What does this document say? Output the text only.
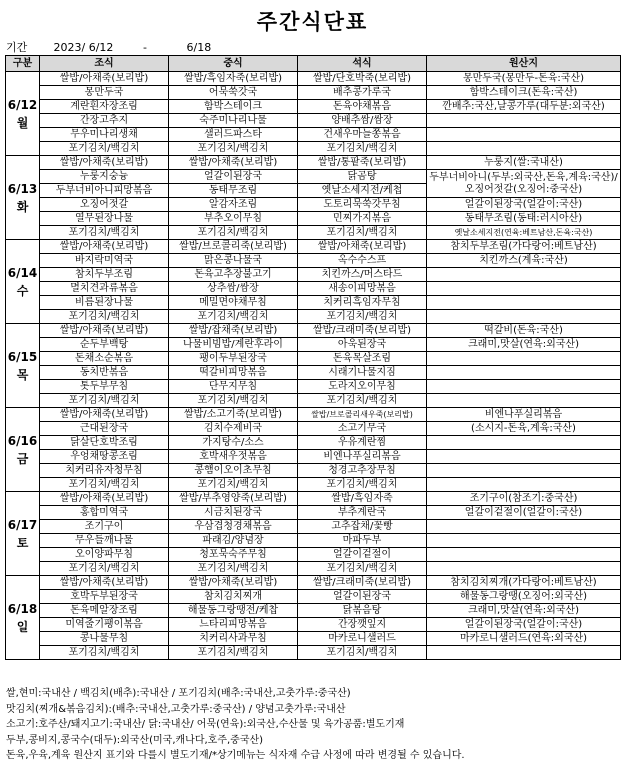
주간식단표
기간 2023/ 6/12	-	6/18
구분	조식	중식	석식	원산지

6/12
월	쌀밥/아채죽(보리밥)	쌀밥/흑임자죽(보리밥)	쌀밥/단호박죽(보리밥)	몽만두국(몽만두-돈육:국산)
	몽만두국	어묵쑥갓국	배추콩가루국	함박스테이크(돈육:국산)
	계란흰자장조림	함박스테이크	돈육야채볶음	깐배추:국산,날콩가루(대두분:외국산)
	간장고추지	숙주미나리나물	양배추쌈/쌈장	
	무우미나리생채	샐러드파스타	건새우마늘쫑볶음	
	포기김치/백김치	포기김치/백김치	포기김치/백김치	

6/13
화	쌀밥/아채죽(보리밥)	쌀밥/아채죽(보리밥)	쌀밥/통팥죽(보리밥)	누룽지(쌀:국내산)
	누룽지숭늉	얼갈이된장국	닭곰탕	두부너비아니(두부:외국산,돈육,계육:국산)/오징어젓갈(오징어:중국산)
	두부너비아니피망볶음	동태무조림	옛날소세지전/케첩	
	오징어젓갈	알감자조림	도토리묵쑥갓무침	얼갈이된장국(얼갈이:국산)
	열무된장나물	부추오이무침	민찌가지볶음	동태무조림(동태:러시아산)
	포기김치/백김치	포기김치/백김치	포기김치/백김치	옛날소세지전(연육:베트남산,돈육:국산)

6/14
수	쌀밥/아채죽(보리밥)	쌀밥/브로콜리죽(보리밥)	쌀밥/아채죽(보리밥)	참치두부조림(가다랑어:베트남산)
	바지락미역국	맑은콩나물국	옥수수스프	치킨까스(계육:국산)
	참치두부조림	돈육고추장불고기	치킨까스/머스타드	
	멸치견과류볶음	상추쌈/쌈장	새송이피망볶음	
	비름된장나물	메밀면야채무침	치커리흑임자무침	
	포기김치/백김치	포기김치/백김치	포기김치/백김치	

6/15
목	쌀밥/아채죽(보리밥)	쌀밥/잡채죽(보리밥)	쌀밥/크래미죽(보리밥)	떡갈비(돈육:국산)
	순두부백탕	나물비빔밥/계란후라이	아욱된장국	크래미,맛살(연육:외국산)
	돈채소순볶음	팽이두부된장국	돈육목살조림	
	동치반볶음	떡갈비피망볶음	시래기나물지짐	
	톳두부무침	단무지무침	도라지오이무침	
	포기김치/백김치	포기김치/백김치	포기김치/백김치	

6/16
금	쌀밥/아채죽(보리밥)	쌀밥/소고기죽(보리밥)	쌀밥/브로콜리새우죽(보리밥)	비엔나푸실리볶음
	근대된장국	김치수제비국	소고기무국	(소시지-돈육,계육:국산)
	닭살단호박조림	가지탕수/소스	우유계란찜	
	우엉채땅콩조림	호박새우젓볶음	비엔나푸실리볶음	
	치커리유자청무침	콩햄이오이초무침	청경고추장무침	
	포기김치/백김치	포기김치/백김치	포기김치/백김치	

6/17
토	쌀밥/아채죽(보리밥)	쌀밥/부추영양죽(보리밥)	쌀밥/흑임자죽	조기구이(참조기:중국산)
	홍합미역국	시금치된장국	부추계란국	얼갈이겉절이(얼갈이:국산)
	조기구이	우삼겹청경채볶음	고추잡채/꽃빵	
	무우들깨나물	파래김/양념장	마파두부	
	오이양파무침	청포묵숙주무침	얼갈이겉절이	
	포기김치/백김치	포기김치/백김치	포기김치/백김치	

6/18
일	쌀밥/아채죽(보리밥)	쌀밥/아채죽(보리밥)	쌀밥/크래미죽(보리밥)	참치김치찌개(가다랑어:베트남산)
	호박두부된장국	참치김치찌개	얼갈이된장국	해물동그랑땡(오징어:외국산)
	돈육메알장조림	해물동그랑땡전/케찹	닭볶음탕	크래미,맛살(연육:외국산)
	미역줄기팽이볶음	느타리피망볶음	간장깻잎지	얼갈이된장국(얼갈이:국산)
	콩나물무침	치커리사과무침	마카로니샐러드	마카로니샐러드(연육:외국산)
	포기김치/백김치	포기김치/백김치	포기김치/백김치	
쌀,현미:국내산 / 백김치(배추):국내산 / 포기김치(배추:국내산,고춧가루:중국산)
맛김치(찌개&볶음김치):(배추:국내산,고춧가루:중국산) / 양념고춧가루:국내산
소고기:호주산/돼지고기:국내산/ 닭:국내산/ 어묵(연육):외국산,수산물 및 육가공품:별도기재
두부,콩비지,콩국수(대두):외국산(미국,캐나다,호주,중국산)
돈육,우육,계육 원산지 표기와 다를시 별도기재/*상기메뉴는 식자재 수급 사정에 따라 변경될 수 있습니다.
